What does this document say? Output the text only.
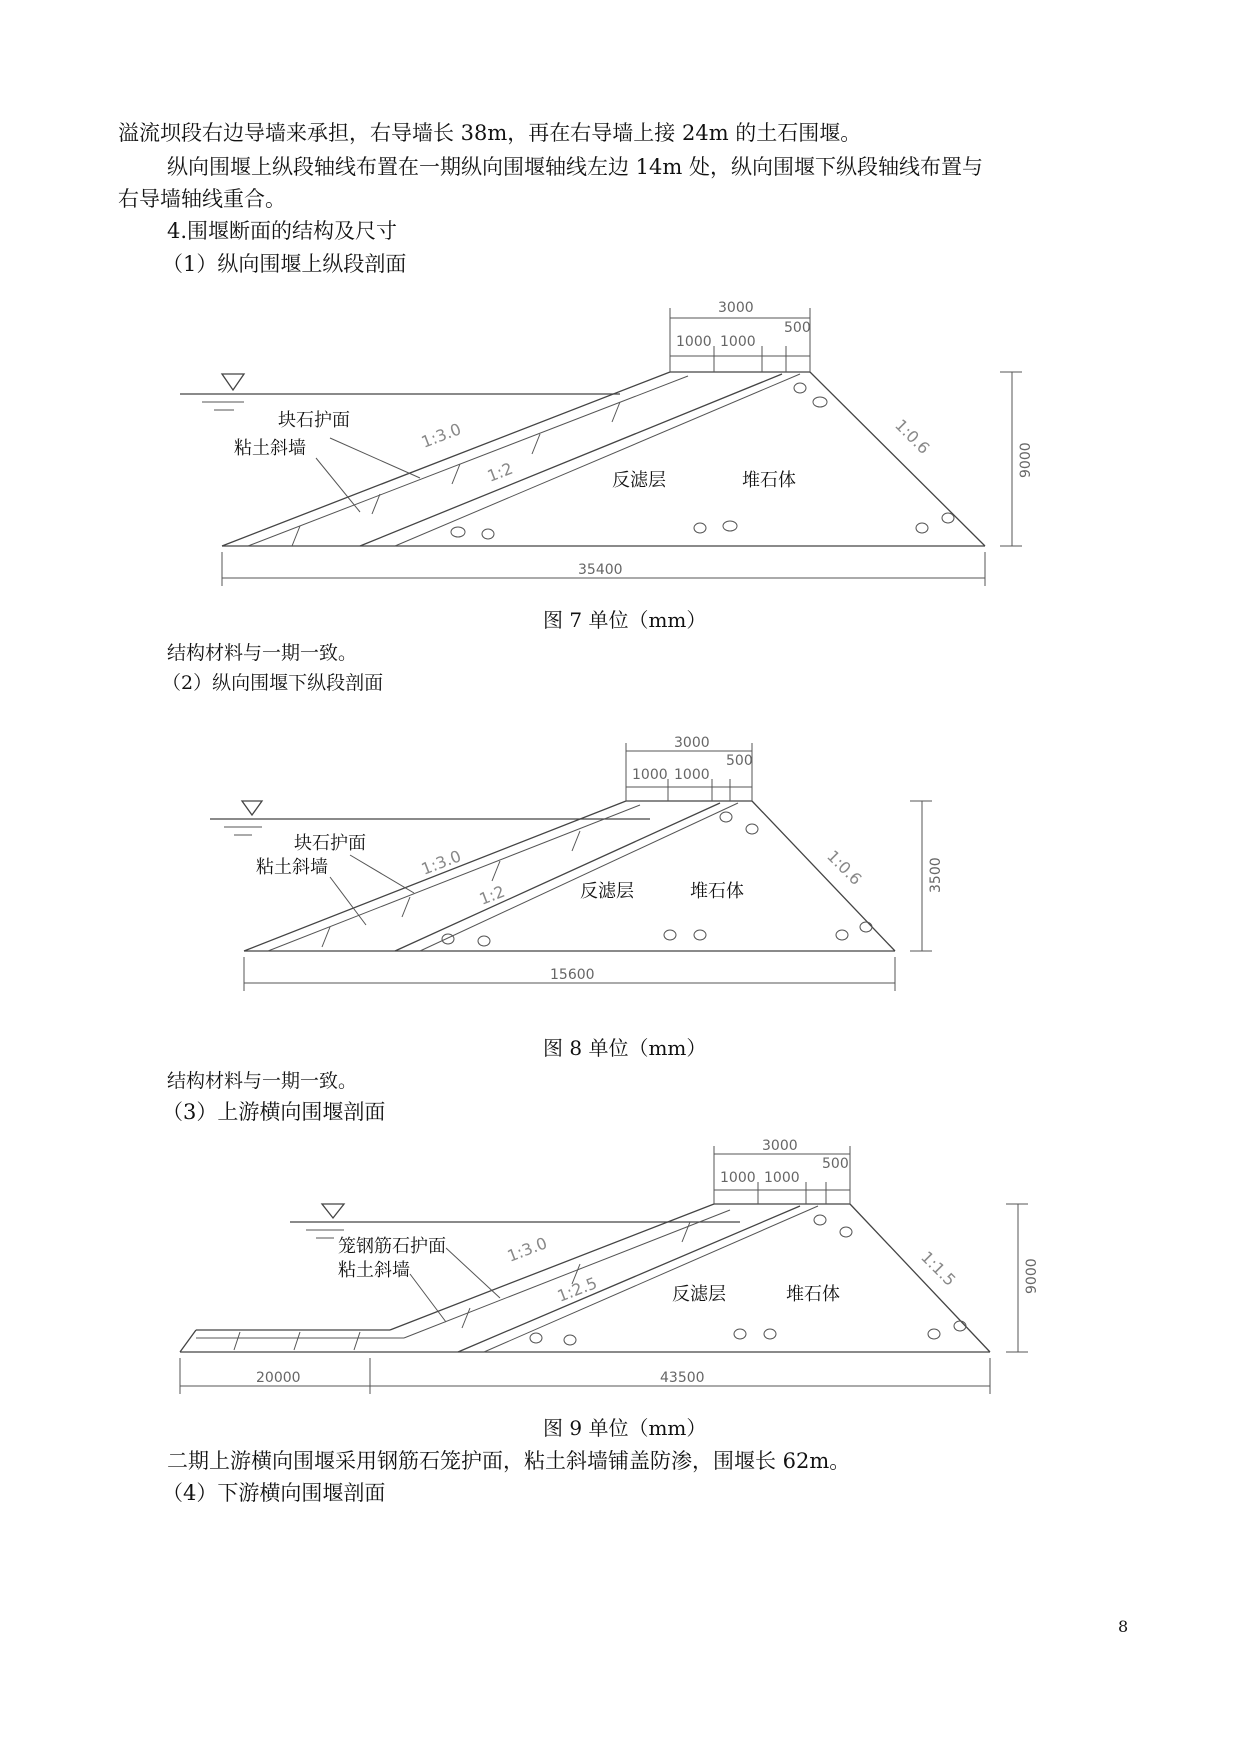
溢流坝段右边导墙来承担，右导墙长 38m，再在右导墙上接 24m 的土石围堰。
纵向围堰上纵段轴线布置在一期纵向围堰轴线左边 14m 处，纵向围堰下纵段轴线布置与
右导墙轴线重合。
4.围堰断面的结构及尺寸
（1）纵向围堰上纵段剖面
块石护面
粘土斜墙
反滤层	堆石体
1:3.0
1:2
1:0.6
3000
1000 1000
500
9000
35400
图 7 单位（mm）
结构材料与一期一致。
（2）纵向围堰下纵段剖面
块石护面
粘土斜墙
反滤层	堆石体
1:3.0
1:2
1:0.6
3000
1000 1000
500
3500
15600
图 8 单位（mm）
结构材料与一期一致。
（3）上游横向围堰剖面
笼钢筋石护面
粘土斜墙
反滤层	堆石体
1:3.0
1:2.5	1:1.5
3000
1000 1000
500
9000
20000	43500
图 9 单位（mm）
二期上游横向围堰采用钢筋石笼护面，粘土斜墙铺盖防渗，围堰长 62m。
（4）下游横向围堰剖面
8
